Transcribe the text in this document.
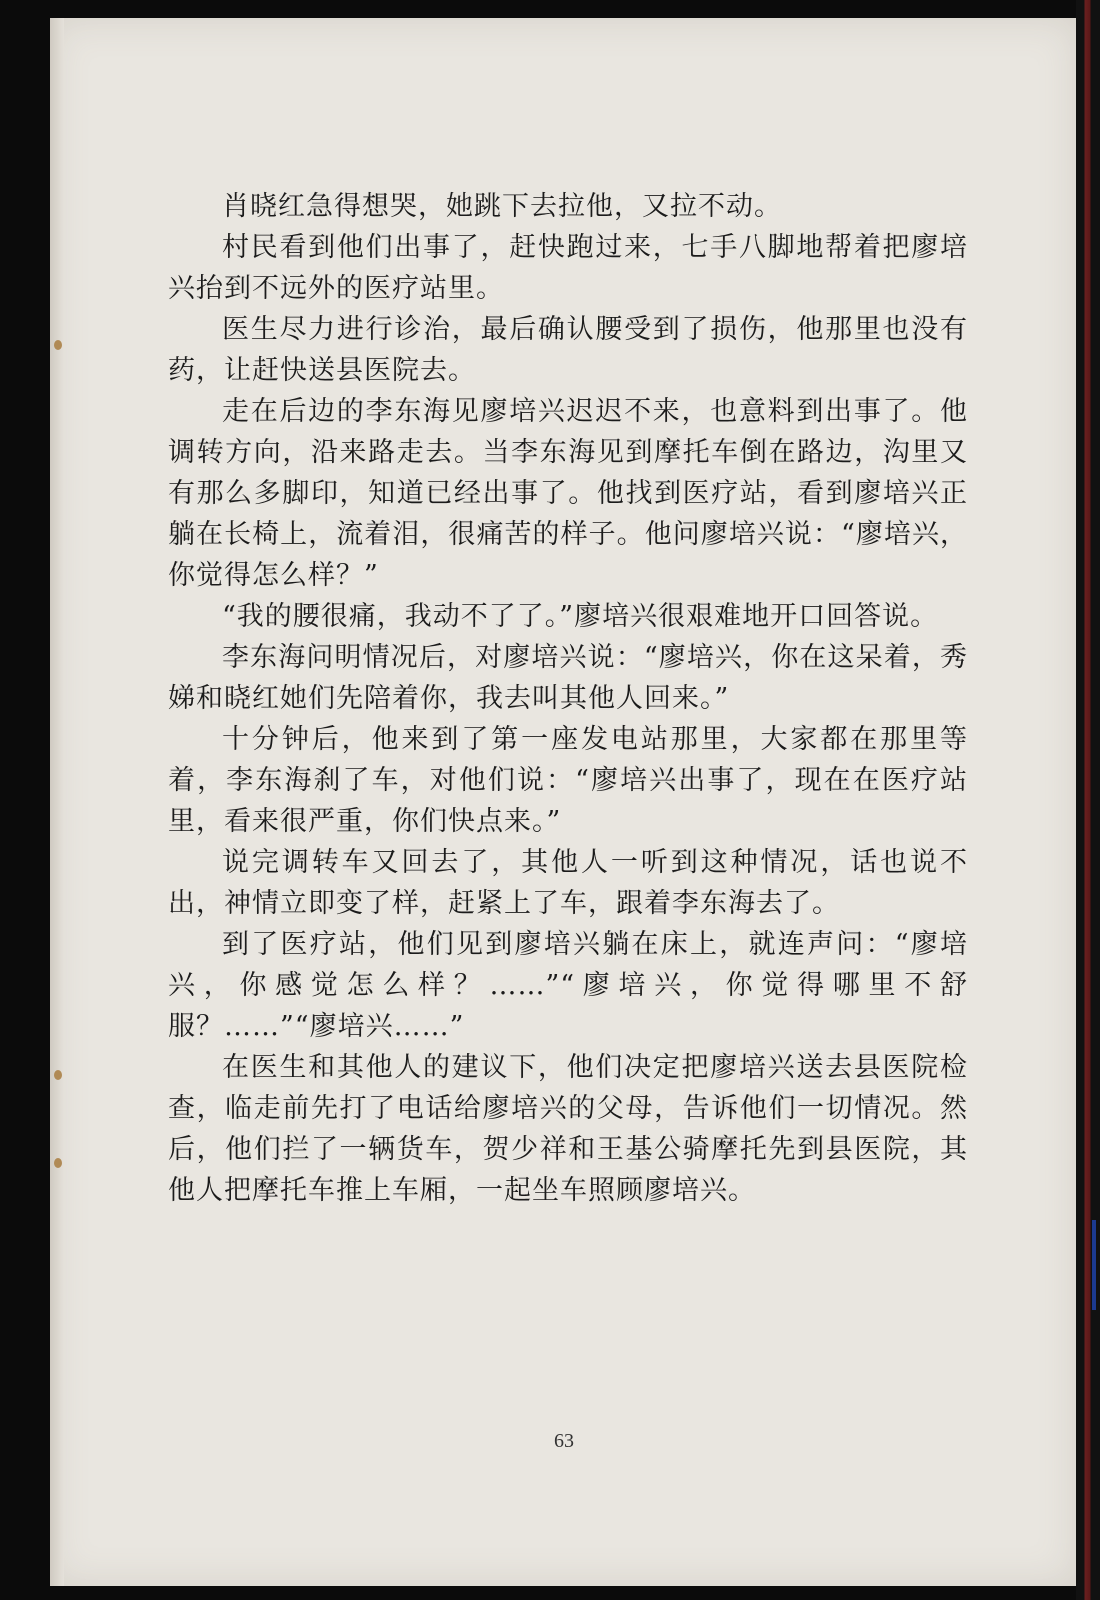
肖晓红急得想哭，她跳下去拉他，又拉不动。

村民看到他们出事了，赶快跑过来，七手八脚地帮着把廖培兴抬到不远外的医疗站里。

医生尽力进行诊治，最后确认腰受到了损伤，他那里也没有药，让赶快送县医院去。

走在后边的李东海见廖培兴迟迟不来，也意料到出事了。他调转方向，沿来路走去。当李东海见到摩托车倒在路边，沟里又有那么多脚印，知道已经出事了。他找到医疗站，看到廖培兴正躺在长椅上，流着泪，很痛苦的样子。他问廖培兴说：“廖培兴，你觉得怎么样？”

“我的腰很痛，我动不了了。”廖培兴很艰难地开口回答说。

李东海问明情况后，对廖培兴说：“廖培兴，你在这呆着，秀娣和晓红她们先陪着你，我去叫其他人回来。”

十分钟后，他来到了第一座发电站那里，大家都在那里等着，李东海刹了车，对他们说：“廖培兴出事了，现在在医疗站里，看来很严重，你们快点来。”

说完调转车又回去了，其他人一听到这种情况，话也说不出，神情立即变了样，赶紧上了车，跟着李东海去了。

到了医疗站，他们见到廖培兴躺在床上，就连声问：“廖培兴，你感觉怎么样？……”“廖培兴，你觉得哪里不舒服？……”“廖培兴……”

在医生和其他人的建议下，他们决定把廖培兴送去县医院检查，临走前先打了电话给廖培兴的父母，告诉他们一切情况。然后，他们拦了一辆货车，贺少祥和王基公骑摩托先到县医院，其他人把摩托车推上车厢，一起坐车照顾廖培兴。

63
